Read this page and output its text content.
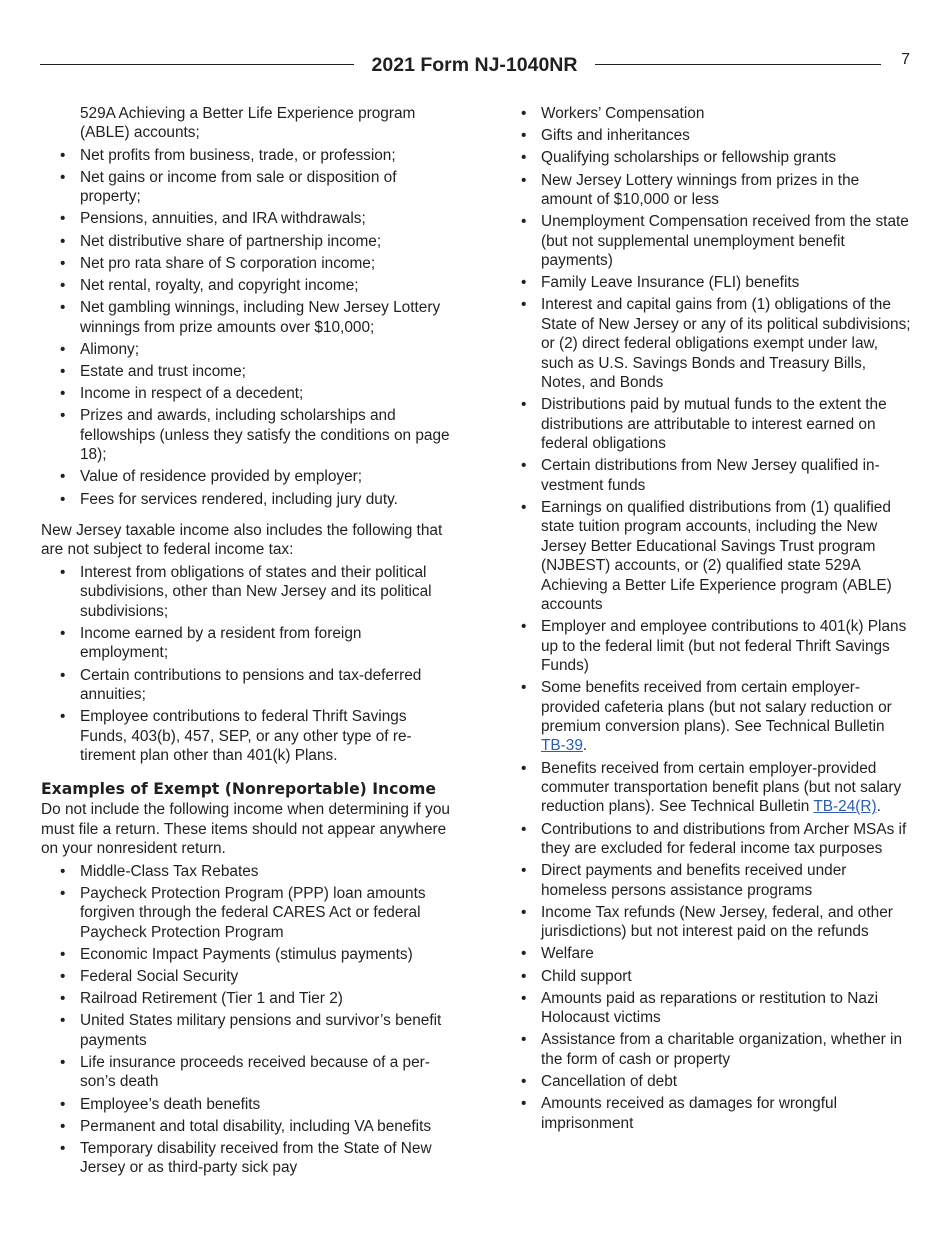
2021 Form NJ-1040NR	7
529A Achieving a Better Life Experience program (ABLE) accounts;
• Net profits from business, trade, or profession;
• Net gains or income from sale or disposition of property;
• Pensions, annuities, and IRA withdrawals;
• Net distributive share of partnership income;
• Net pro rata share of S corporation income;
• Net rental, royalty, and copyright income;
• Net gambling winnings, including New Jersey Lottery winnings from prize amounts over $10,000;
• Alimony;
• Estate and trust income;
• Income in respect of a decedent;
• Prizes and awards, including scholarships and fellowships (unless they satisfy the conditions on page 18);
• Value of residence provided by employer;
• Fees for services rendered, including jury duty.

New Jersey taxable income also includes the following that are not subject to federal income tax:

• Interest from obligations of states and their political subdivisions, other than New Jersey and its political subdivisions;
• Income earned by a resident from foreign employment;
• Certain contributions to pensions and tax-deferred annuities;
• Employee contributions to federal Thrift Savings Funds, 403(b), 457, SEP, or any other type of retirement plan other than 401(k) Plans.
Examples of Exempt (Nonreportable) Income

Do not include the following income when determining if you must file a return. These items should not appear anywhere on your nonresident return.

• Middle-Class Tax Rebates
• Paycheck Protection Program (PPP) loan amounts forgiven through the federal CARES Act or federal Paycheck Protection Program
• Economic Impact Payments (stimulus payments)
• Federal Social Security
• Railroad Retirement (Tier 1 and Tier 2)
• United States military pensions and survivor’s benefit payments
• Life insurance proceeds received because of a person’s death
• Employee’s death benefits
• Permanent and total disability, including VA benefits
• Temporary disability received from the State of New Jersey or as third-party sick pay
• Workers’ Compensation
• Gifts and inheritances
• Qualifying scholarships or fellowship grants
• New Jersey Lottery winnings from prizes in the amount of $10,000 or less
• Unemployment Compensation received from the state (but not supplemental unemployment benefit payments)
• Family Leave Insurance (FLI) benefits
• Interest and capital gains from (1) obligations of the State of New Jersey or any of its political subdivisions; or (2) direct federal obligations exempt under law, such as U.S. Savings Bonds and Treasury Bills, Notes, and Bonds
• Distributions paid by mutual funds to the extent the distributions are attributable to interest earned on federal obligations
• Certain distributions from New Jersey qualified investment funds
• Earnings on qualified distributions from (1) qualified state tuition program accounts, including the New Jersey Better Educational Savings Trust program (NJBEST) accounts, or (2) qualified state 529A Achieving a Better Life Experience program (ABLE) accounts
• Employer and employee contributions to 401(k) Plans up to the federal limit (but not federal Thrift Savings Funds)
• Some benefits received from certain employer-provided cafeteria plans (but not salary reduction or premium conversion plans). See Technical Bulletin TB-39.
• Benefits received from certain employer-provided commuter transportation benefit plans (but not salary reduction plans). See Technical Bulletin TB-24(R).
• Contributions to and distributions from Archer MSAs if they are excluded for federal income tax purposes
• Direct payments and benefits received under homeless persons assistance programs
• Income Tax refunds (New Jersey, federal, and other jurisdictions) but not interest paid on the refunds
• Welfare
• Child support
• Amounts paid as reparations or restitution to Nazi Holocaust victims
• Assistance from a charitable organization, whether in the form of cash or property
• Cancellation of debt
• Amounts received as damages for wrongful imprisonment
